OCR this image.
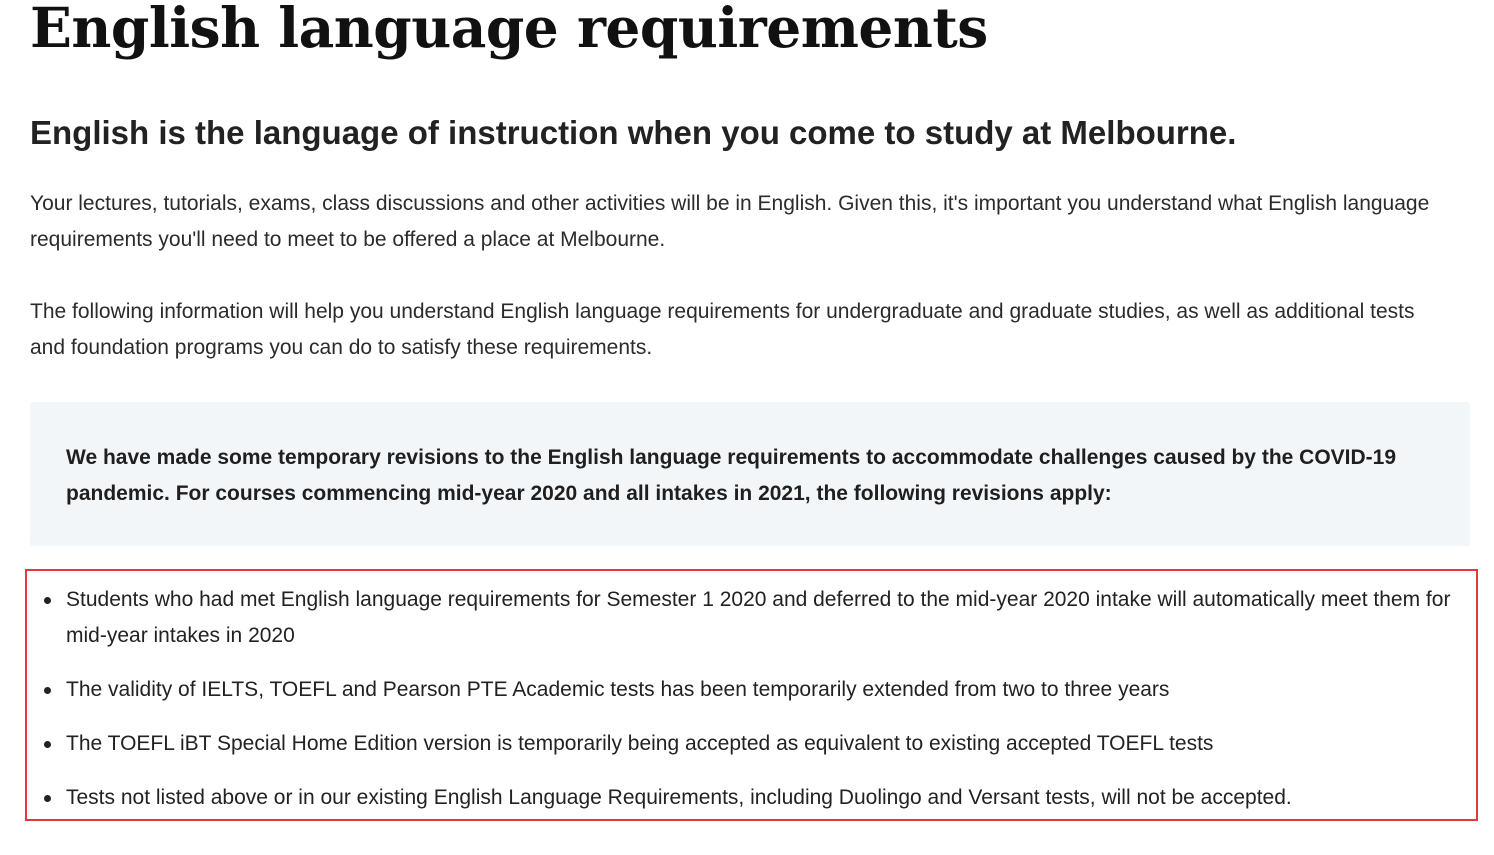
English language requirements
English is the language of instruction when you come to study at Melbourne.

Your lectures, tutorials, exams, class discussions and other activities will be in English. Given this, it's important you understand what English language requirements you'll need to meet to be offered a place at Melbourne.

The following information will help you understand English language requirements for undergraduate and graduate studies, as well as additional tests and foundation programs you can do to satisfy these requirements.

We have made some temporary revisions to the English language requirements to accommodate challenges caused by the COVID-19 pandemic. For courses commencing mid-year 2020 and all intakes in 2021, the following revisions apply:

Students who had met English language requirements for Semester 1 2020 and deferred to the mid-year 2020 intake will automatically meet them for mid-year intakes in 2020
The validity of IELTS, TOEFL and Pearson PTE Academic tests has been temporarily extended from two to three years
The TOEFL iBT Special Home Edition version is temporarily being accepted as equivalent to existing accepted TOEFL tests
Tests not listed above or in our existing English Language Requirements, including Duolingo and Versant tests, will not be accepted.
